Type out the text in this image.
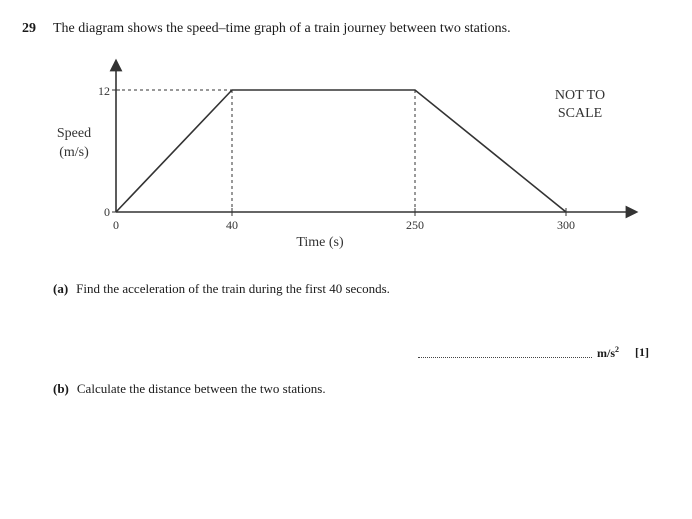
29 The diagram shows the speed–time graph of a train journey between two stations.
12
0
0	40	250	300
Speed
(m/s)
Time (s)
NOT TO
SCALE
(a) Find the acceleration of the train during the first 40 seconds.
$m/s^2$ [1]
(b) Calculate the distance between the two stations.
